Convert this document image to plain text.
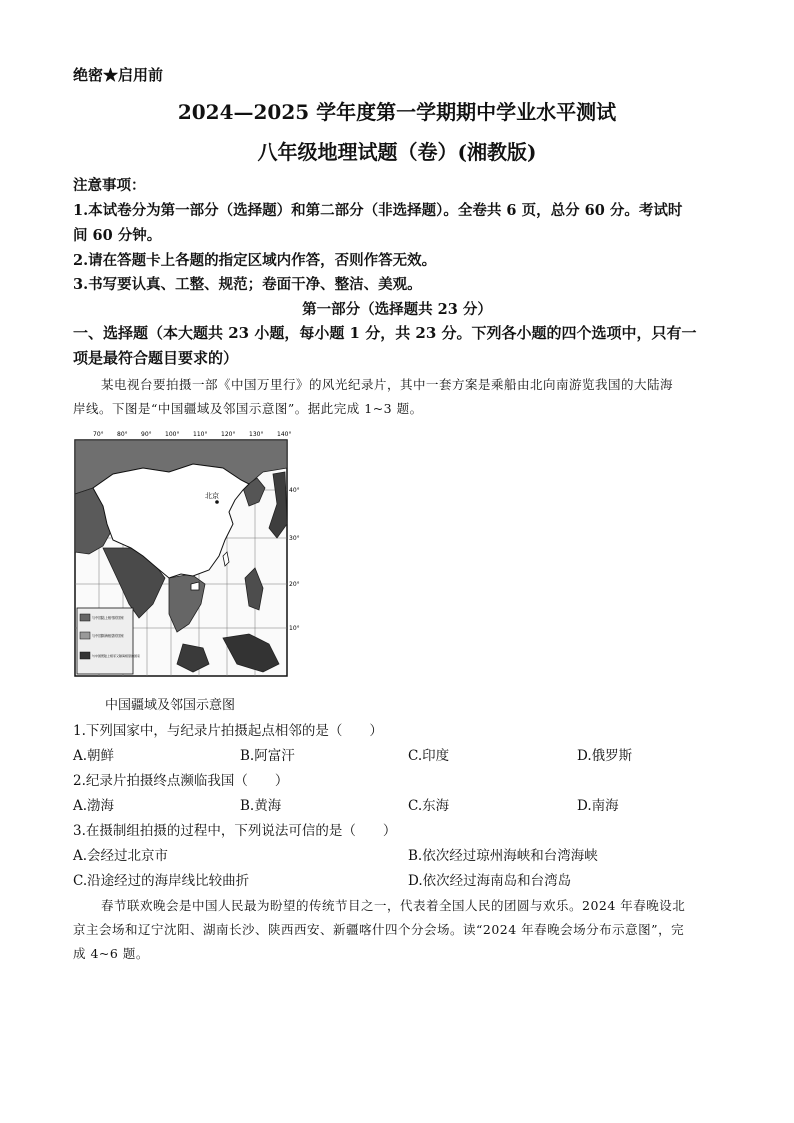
绝密★启用前
2024—2025 学年度第一学期期中学业水平测试
八年级地理试题（卷）(湘教版)
注意事项：
1.本试卷分为第一部分（选择题）和第二部分（非选择题）。全卷共 6 页，总分 60 分。考试时
间 60 分钟。
2.请在答题卡上各题的指定区域内作答，否则作答无效。
3.书写要认真、工整、规范；卷面干净、整洁、美观。
第一部分（选择题共 23 分）
一、选择题（本大题共 23 小题，每小题 1 分，共 23 分。下列各小题的四个选项中，只有一
项是最符合题目要求的）
某电视台要拍摄一部《中国万里行》的风光纪录片，其中一套方案是乘船由北向南游览我国的大陆海
岸线。下图是“中国疆域及邻国示意图”。据此完成 1~3 题。
70° 80° 90° 100° 110° 120° 130° 140°
40°
30°
20°
10°
北京
与中国陆上相邻的国家
与中国隔海相望的国家
与中国既陆上相邻又隔海相望的国家
中国疆域及邻国示意图
1.下列国家中，与纪录片拍摄起点相邻的是（　　）
A.朝鲜	B.阿富汗	C.印度	D.俄罗斯
2.纪录片拍摄终点濒临我国（　　）
A.渤海	B.黄海	C.东海	D.南海
3.在摄制组拍摄的过程中，下列说法可信的是（　　）
A.会经过北京市	B.依次经过琼州海峡和台湾海峡
C.沿途经过的海岸线比较曲折	D.依次经过海南岛和台湾岛
春节联欢晚会是中国人民最为盼望的传统节目之一，代表着全国人民的团圆与欢乐。2024 年春晚设北
京主会场和辽宁沈阳、湖南长沙、陕西西安、新疆喀什四个分会场。读“2024 年春晚会场分布示意图”，完
成 4~6 题。
